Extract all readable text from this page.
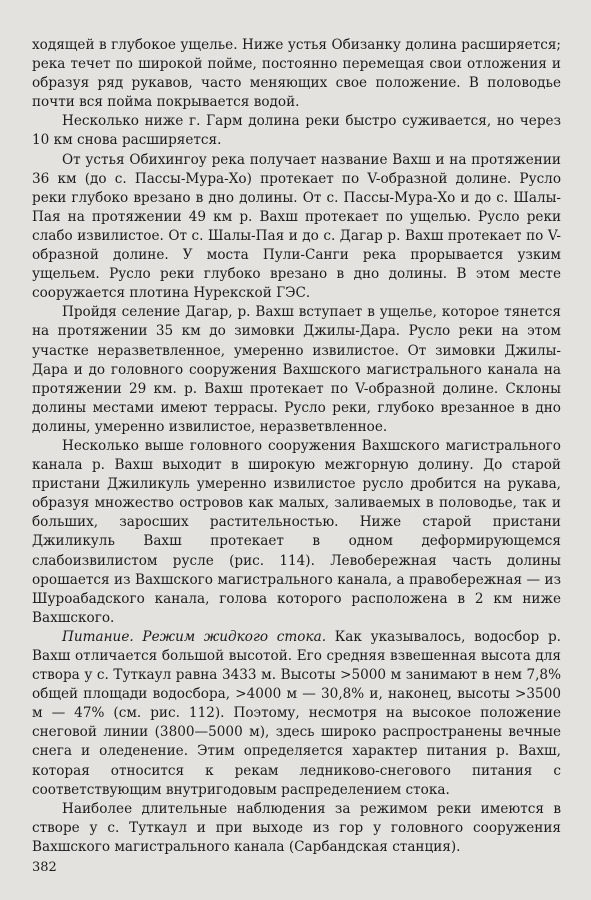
ходящей в глубокое ущелье. Ниже устья Обизанку долина расширяется; река течет по широкой пойме, постоянно перемещая свои отложения и образуя ряд рукавов, часто меняющих свое положение. В половодье почти вся пойма покрывается водой.

Несколько ниже г. Гарм долина реки быстро суживается, но через 10 км снова расширяется.

От устья Обихингоу река получает название Вахш и на протяжении 36 км (до с. Пассы-Мура-Хо) протекает по V-образной долине. Русло реки глубоко врезано в дно долины. От с. Пассы-Мура-Хо и до с. Шалы-Пая на протяжении 49 км р. Вахш протекает по ущелью. Русло реки слабо извилистое. От с. Шалы-Пая и до с. Дагар р. Вахш протекает по V-образной долине. У моста Пули-Санги река прорывается узким ущельем. Русло реки глубоко врезано в дно долины. В этом месте сооружается плотина Нурекской ГЭС.

Пройдя селение Дагар, р. Вахш вступает в ущелье, которое тянется на протяжении 35 км до зимовки Джилы-Дара. Русло реки на этом участке неразветвленное, умеренно извилистое. От зимовки Джилы-Дара и до головного сооружения Вахшского магистрального канала на протяжении 29 км. р. Вахш протекает по V-образной долине. Склоны долины местами имеют террасы. Русло реки, глубоко врезанное в дно долины, умеренно извилистое, неразветвленное.

Несколько выше головного сооружения Вахшского магистрального канала р. Вахш выходит в широкую межгорную долину. До старой пристани Джиликуль умеренно извилистое русло дробится на рукава, образуя множество островов как малых, заливаемых в половодье, так и больших, заросших растительностью. Ниже старой пристани Джиликуль Вахш протекает в одном деформирующемся слабоизвилистом русле (рис. 114). Левобережная часть долины орошается из Вахшского магистрального канала, а правобережная — из Шуроабадского канала, голова которого расположена в 2 км ниже Вахшского.

Питание. Режим жидкого стока. Как указывалось, водосбор р. Вахш отличается большой высотой. Его средняя взвешенная высота для створа у с. Туткаул равна 3433 м. Высоты >5000 м занимают в нем 7,8% общей площади водосбора, >4000 м — 30,8% и, наконец, высоты >3500 м — 47% (см. рис. 112). Поэтому, несмотря на высокое положение снеговой линии (3800—5000 м), здесь широко распространены вечные снега и оледенение. Этим определяется характер питания р. Вахш, которая относится к рекам ледниково-снегового питания с соответствующим внутригодовым распределением стока.

Наиболее длительные наблюдения за режимом реки имеются в створе у с. Туткаул и при выходе из гор у головного сооружения Вахшского магистрального канала (Сарбандская станция).

382
